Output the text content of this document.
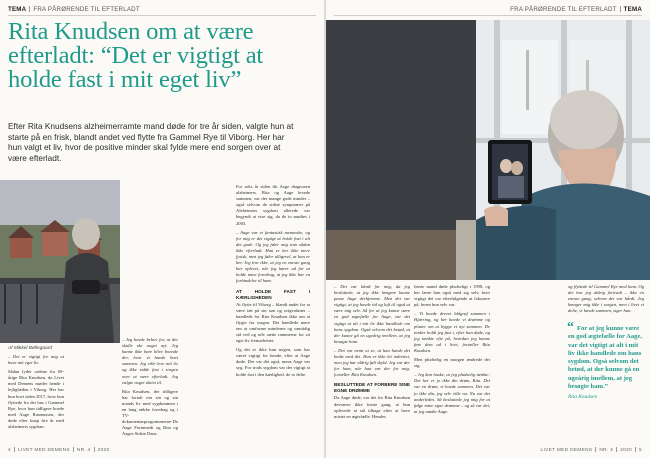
TEMA FRA PÅRØRENDE TIL EFTERLADT
Rita Knudsen om at være efterladt: “Det er vigtigt at holde fast i mit eget liv”

Efter Rita Knudsens alzheimerramte mand døde for tre år siden, valgte hun at starte på en frisk, blandt andet ved flytte fra Gammel Rye til Viborg. Her har hun valgt et liv, hvor de positive minder skal fylde mere end sorgen over at være efterladt.

Af Mikkel Bøllegaard

– Det er vigtigt for mig at have mit eget liv.

Sådan lyder ordene fra 69-årige Rita Knudsen, da Livet med Demens møder hende i lejligheden i Viborg. Her har hun boet siden 2017, hvor hun flyttede fra det hus i Gammel Rye, hvor hun tidligere boede med Aage Rasmussen, der døde efter knap fire år med alzheimers sygdom.

– Jeg havde behov for, at der skulle ske noget nyt. Jeg kunne ikke bare blive boende der, hvor vi havde boet sammen. Jeg ville leve mit liv og ikke sidde fast i sorgen over at være efterladt. Jeg valgte noget aktivt til.

Rita Knudsen, der tidligere har fortalt om sin og sin mands liv med sygdommen i en lang række foredrag og i TV-dokumentarprogrammerne De Aage Fortnmedt og Rita og Aages Sidste Dans.

For seks år siden fik Aage diagnosen alzheimers. Rita og Aage levede sammen, var der mange gode minder – også selvom de sidste symptomer på Alzheimers sygdom allerede var begyndt at vise sig, da de to mødtes i 2003.

– Aage var et fantastisk menneske, og for mig er det vigtigt at holde fast i alt det gode. Og jeg føler mig som sådan ikke efterladt. Han er her ikke mere fysisk, men jeg føler alligevel, at han er her. Jeg tror ikke, at jeg en eneste gang har oplevet, når jeg kører ud for at holde mine foredrag, at jeg ikke har en forbindelse til ham.

AT HOLDE FAST I KÆRLIGHEDEN

At flytte til Viborg – blandt andet for at være tæt på sin søn og svigerdatter – handlede for Rita Knudsen ikke om at flygte fra sorgen. Det handlede mere om at omforme minderne og samtidig stå ved og selv sætte rammerne for sit eget liv fremadrettet.

Og det er ikke hun nogen, som har været vigtigt for hende, efter at Aage døde. Der var det også, mens Aage var syg. For trods sygdom var det vigtigt at holde fast i den kærlighed, de to delte.

4 LIVET MED DEMENS NR. 4 2020
FRA PÅRØRENDE TIL EFTERLADT TEMA
LIVET MED DEMENS NR. 4 2020 5

– Det var hårdt for mig, da jeg besluttede, at jeg ikke længere kunne passe Aage derhjemme. Men det var vigtigt, at jeg havde tid og luft til også at være mig selv. Så for at jeg kunne være en god ægtefælle for Aage, var det vigtigt at alt i mit liv ikke handlede om hans sygdom. Også selvom det betød, at der kunne gå en ugeårig imellem, at jeg besøgte ham.

– Det var nemt at se, at han havde det bedst med det. Han er ikke let indrettet, men jeg har aldrig følt skyld. Jeg var der for ham, når han var der for mig, fortæller Rita Knudsen.

BESLUTTEDE AT FORBERE SINE EGNE DRØMME

Da Aage døde, var det for Rita Knudsen desværre ikke første gang, at hun oplevede at stå tilbage efter at have mistet en ægtefælle. Hendes

første mand døde pludseligt i 1998, og her lærte hun også med sig selv, hvor vigtigt det var efterfølgende at fokusere på, hvem hun selv var.

– Vi havde drevet blågrøf sammen i Hjørring, og her havde vi drømme og planer om at bygge et nyt sammen. De tanker holdt jeg fast i, efter han døde, og jeg tænkte efte på, hvordan jeg kunne føre dem ud i livet, fortæller Rita Knudsen.

Men pludselig en morgen ændrede det sig.

– Jeg kan huske, at jeg pludselig tænkte: Det her er jo ikke din drøm, Rita. Det var en drøm, vi havde sammen. Det var jo ikke din, jeg selv ville nu. Nu var det anderledes. Så besluttede jeg mig for at følge mine egne drømme – og så var det, at jeg mødte Aage.

og flyttede til Gammel Rye med ham. Og det har jeg aldrig fortrudt – ikke en eneste gang, selvom det var hårdt. Jeg hænger mig ikke i sorgen, men i livet vi delte, vi havde sammen, siger hun.

“ For at jeg kunne være en god ægtefælle for Aage, var det vigtigt at alt i mit liv ikke handlede om hans sygdom. Også selvom det betød, at der kunne gå en ugeårig imellem, at jeg besøgte ham.”
Rita Knudsen
